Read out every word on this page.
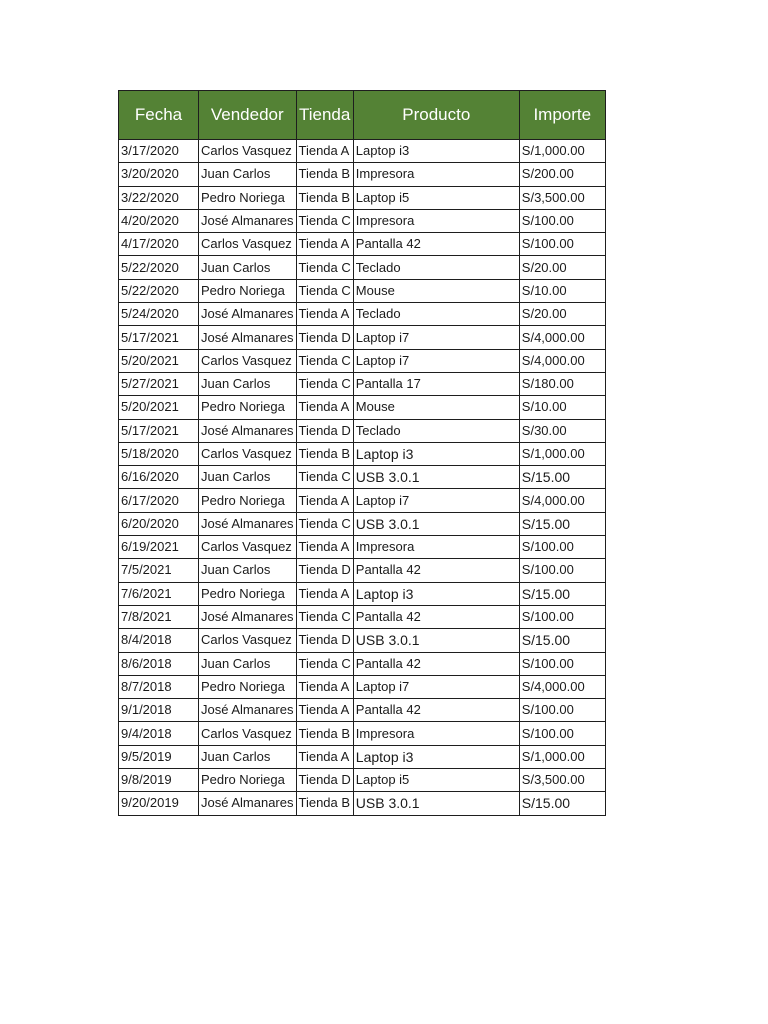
Fecha	Vendedor	Tienda	Producto	Importe
3/17/2020	Carlos Vasquez	Tienda A	Laptop i3	S/1,000.00
3/20/2020	Juan Carlos	Tienda B	Impresora	S/200.00
3/22/2020	Pedro Noriega	Tienda B	Laptop i5	S/3,500.00
4/20/2020	José Almanares	Tienda C	Impresora	S/100.00
4/17/2020	Carlos Vasquez	Tienda A	Pantalla 42	S/100.00
5/22/2020	Juan Carlos	Tienda C	Teclado	S/20.00
5/22/2020	Pedro Noriega	Tienda C	Mouse	S/10.00
5/24/2020	José Almanares	Tienda A	Teclado	S/20.00
5/17/2021	José Almanares	Tienda D	Laptop i7	S/4,000.00
5/20/2021	Carlos Vasquez	Tienda C	Laptop i7	S/4,000.00
5/27/2021	Juan Carlos	Tienda C	Pantalla 17	S/180.00
5/20/2021	Pedro Noriega	Tienda A	Mouse	S/10.00
5/17/2021	José Almanares	Tienda D	Teclado	S/30.00
5/18/2020	Carlos Vasquez	Tienda B	Laptop i3	S/1,000.00
6/16/2020	Juan Carlos	Tienda C	USB 3.0.1	S/15.00
6/17/2020	Pedro Noriega	Tienda A	Laptop i7	S/4,000.00
6/20/2020	José Almanares	Tienda C	USB 3.0.1	S/15.00
6/19/2021	Carlos Vasquez	Tienda A	Impresora	S/100.00
7/5/2021	Juan Carlos	Tienda D	Pantalla 42	S/100.00
7/6/2021	Pedro Noriega	Tienda A	Laptop i3	S/15.00
7/8/2021	José Almanares	Tienda C	Pantalla 42	S/100.00
8/4/2018	Carlos Vasquez	Tienda D	USB 3.0.1	S/15.00
8/6/2018	Juan Carlos	Tienda C	Pantalla 42	S/100.00
8/7/2018	Pedro Noriega	Tienda A	Laptop i7	S/4,000.00
9/1/2018	José Almanares	Tienda A	Pantalla 42	S/100.00
9/4/2018	Carlos Vasquez	Tienda B	Impresora	S/100.00
9/5/2019	Juan Carlos	Tienda A	Laptop i3	S/1,000.00
9/8/2019	Pedro Noriega	Tienda D	Laptop i5	S/3,500.00
9/20/2019	José Almanares	Tienda B	USB 3.0.1	S/15.00
